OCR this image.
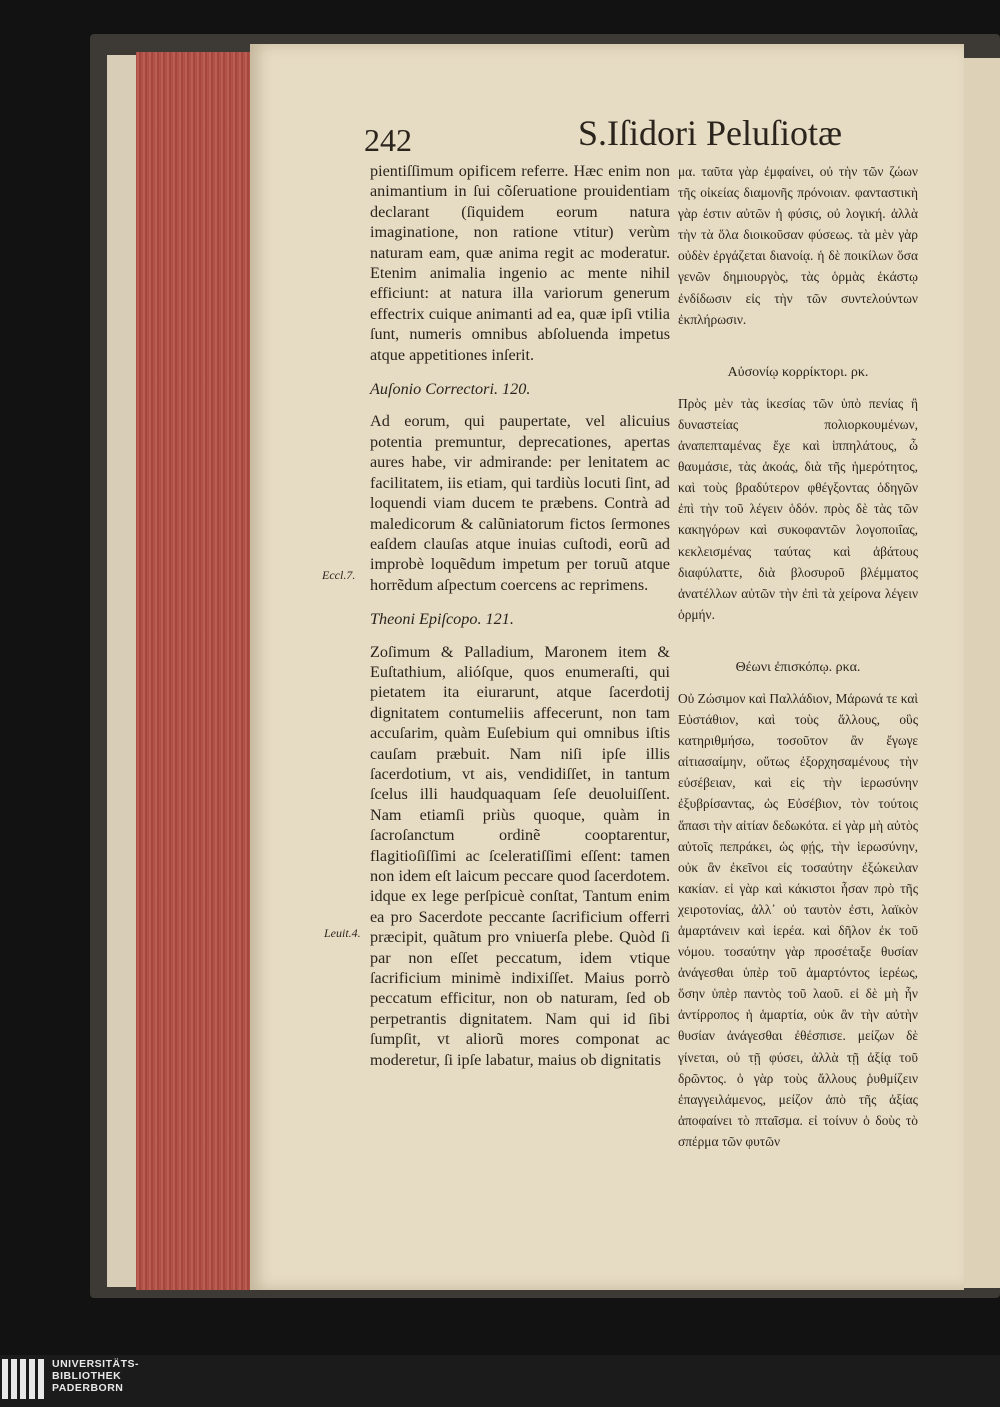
242	S.Iſidori Peluſiotæ

pientiſſimum opificem referre. Hæc enim non animantium in ſui cõſeruatione prouidentiam declarant (ſiquidem eorum natura imaginatione, non ratione vtitur) verùm naturam eam, quæ anima regit ac moderatur. Etenim animalia ingenio ac mente nihil efficiunt: at natura illa variorum generum effectrix cuique animanti ad ea, quæ ipſi vtilia ſunt, numeris omnibus abſoluenda impetus atque appetitiones inſerit.

Auſonio Correctori. 120.

Ad eorum, qui paupertate, vel alicuius potentia premuntur, deprecationes, apertas aures habe, vir admirande: per lenitatem ac facilitatem, iis etiam, qui tardiùs locuti ſint, ad loquendi viam ducem te præbens. Contrà ad maledicorum & calũniatorum fictos ſermones eaſdem clauſas atque inuias cuſtodi, eorũ ad improbè loquẽdum impetum per toruũ atque horrẽdum aſpectum coercens ac reprimens.

Theoni Epiſcopo. 121.

Zoſimum & Palladium, Maronem item & Euſtathium, alióſque, quos enumeraſti, qui pietatem ita eiurarunt, atque ſacerdotij dignitatem contumeliis affecerunt, non tam accuſarim, quàm Euſebium qui omnibus iſtis cauſam præbuit. Nam niſi ipſe illis ſacerdotium, vt ais, vendidiſſet, in tantum ſcelus illi haudquaquam ſeſe deuoluiſſent. Nam etiamſi priùs quoque, quàm in ſacroſanctum ordinẽ cooptarentur, flagitioſiſſimi ac ſceleratiſſimi eſſent: tamen non idem eſt laicum peccare quod ſacerdotem. idque ex lege perſpicuè conſtat, Tantum enim ea pro Sacerdote peccante ſacrificium offerri præcipit, quãtum pro vniuerſa plebe. Quòd ſi par non eſſet peccatum, idem vtique ſacrificium minimè indixiſſet. Maius porrò peccatum efficitur, non ob naturam, ſed ob perpetrantis dignitatem. Nam qui id ſibi ſumpſit, vt aliorũ mores componat ac moderetur, ſi ipſe labatur, maius ob dignitatis

μα. ταῦτα γὰρ ἐμφαίνει, οὐ τὴν τῶν ζώων τῆς οἰκείας διαμονῆς πρόνοιαν. φανταστικὴ γὰρ ἐστιν αὐτῶν ἡ φύσις, οὐ λογική. ἀλλὰ τὴν τὰ ὅλα διοικοῦσαν φύσεως. τὰ μὲν γὰρ οὐδὲν ἐργάζεται διανοίᾳ. ἡ δὲ ποικίλων ὅσα γενῶν δημιουργὸς, τὰς ὁρμὰς ἑκάστῳ ἐνδίδωσιν εἰς τὴν τῶν συντελούντων ἐκπλήρωσιν.

Αὐσονίῳ κορρίκτορι. ρκ.

Πρὸς μὲν τὰς ἱκεσίας τῶν ὑπὸ πενίας ἢ δυναστείας πολιορκουμένων, ἀναπεπταμένας ἔχε καὶ ἱππηλάτους, ὦ θαυμάσιε, τὰς ἀκοάς, διὰ τῆς ἡμερότητος, καὶ τοὺς βραδύτερον φθέγξοντας ὁδηγῶν ἐπὶ τὴν τοῦ λέγειν ὁδόν. πρὸς δὲ τὰς τῶν κακηγόρων καὶ συκοφαντῶν λογοποιΐας, κεκλεισμένας ταύτας καὶ ἀβάτους διαφύλαττε, διὰ βλοσυροῦ βλέμματος ἀνατέλλων αὐτῶν τὴν ἐπὶ τὰ χείρονα λέγειν ὁρμήν.

Θέωνι ἐπισκόπῳ. ρκα.

Οὐ Ζώσιμον καὶ Παλλάδιον, Μάρωνά τε καὶ Εὐστάθιον, καὶ τοὺς ἄλλους, οὓς κατηριθμήσω, τοσοῦτον ἂν ἔγωγε αἰτιασαίμην, οὕτως ἐξορχησαμένους τὴν εὐσέβειαν, καὶ εἰς τὴν ἱερωσύνην ἐξυβρίσαντας, ὡς Εὐσέβιον, τὸν τούτοις ἅπασι τὴν αἰτίαν δεδωκότα. εἰ γὰρ μὴ αὐτὸς αὐτοῖς πεπράκει, ὡς φῄς, τὴν ἱερωσύνην, οὐκ ἂν ἐκεῖνοι εἰς τοσαύτην ἐξώκειλαν κακίαν. εἰ γὰρ καὶ κάκιστοι ἦσαν πρὸ τῆς χειροτονίας, ἀλλ᾽ οὐ ταυτὸν ἐστι, λαϊκὸν ἁμαρτάνειν καὶ ἱερέα. καὶ δῆλον ἐκ τοῦ νόμου. τοσαύτην γὰρ προσέταξε θυσίαν ἀνάγεσθαι ὑπὲρ τοῦ ἁμαρτόντος ἱερέως, ὅσην ὑπὲρ παντὸς τοῦ λαοῦ. εἰ δὲ μὴ ἦν ἀντίρροπος ἡ ἁμαρτία, οὐκ ἂν τὴν αὐτὴν θυσίαν ἀνάγεσθαι ἐθέσπισε. μείζων δὲ γίνεται, οὐ τῇ φύσει, ἀλλὰ τῇ ἀξίᾳ τοῦ δρῶντος. ὁ γὰρ τοὺς ἄλλους ῥυθμίζειν ἐπαγγειλάμενος, μείζον ἀπὸ τῆς ἀξίας ἀποφαίνει τὸ πταῖσμα. εἰ τοίνυν ὁ δοὺς τὸ σπέρμα τῶν φυτῶν

Eccl.7.
Leuit.4.
UNIVERSITÄTS-
BIBLIOTHEK
PADERBORN
